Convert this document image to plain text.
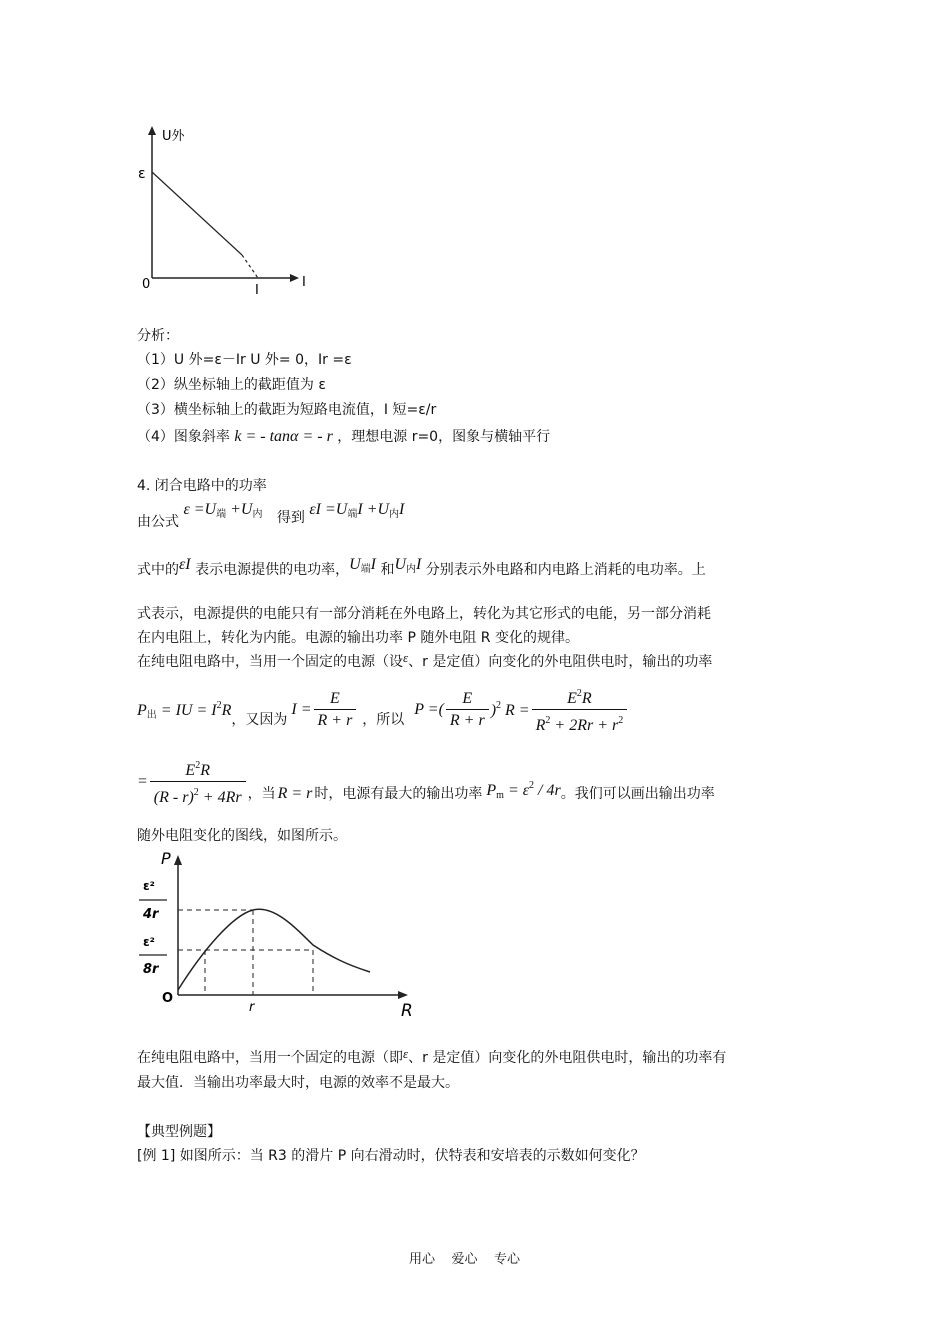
U外
ε
0	I
I
分析：
（1）U 外=ε－Ir U 外= 0，Ir =ε
（2）纵坐标轴上的截距值为 ε
（3）横坐标轴上的截距为短路电流值，I 短=ε/r
（4）图象斜率 k = - tanα = - r ，理想电源 r=0，图象与横轴平行
4. 闭合电路中的功率
由公式 $\varepsilon =U_端 +U_内$ 得到 $\varepsilon I =U_端I +U_内I$
式中的εI 表示电源提供的电功率，$U_端I$ 和$U_内I$ 分别表示外电路和内电路上消耗的电功率。上
式表示，电源提供的电能只有一部分消耗在外电路上，转化为其它形式的电能，另一部分消耗
在内电阻上，转化为内能。电源的输出功率 P 随外电阻 R 变化的规律。
在纯电阻电路中，当用一个固定的电源（设ε、r 是定值）向变化的外电阻供电时，输出的功率
$P_出$ = IU = $I^2R$
，又因为
$I = \frac{E}{R + r}$ ，所以
P =( $\frac{E}{R + r} )^2$ $R = \frac{E^2R}{R^2 + 2Rr + r^2}$
= $\frac{E^2R}{(R - r)^2 + 4Rr}$ ，当 R = r 时，电源有最大的输出功率 $P_m = \varepsilon^2 / 4r$ 。我们可以画出输出功率
随外电阻变化的图线，如图所示。
P
ε²
4r
ε²
8r
O
r	R
在纯电阻电路中，当用一个固定的电源（即ε、r 是定值）向变化的外电阻供电时，输出的功率有
最大值．当输出功率最大时，电源的效率不是最大。
【典型例题】
[例 1] 如图所示：当 R3 的滑片 P 向右滑动时，伏特表和安培表的示数如何变化？
用心    爱心    专心
